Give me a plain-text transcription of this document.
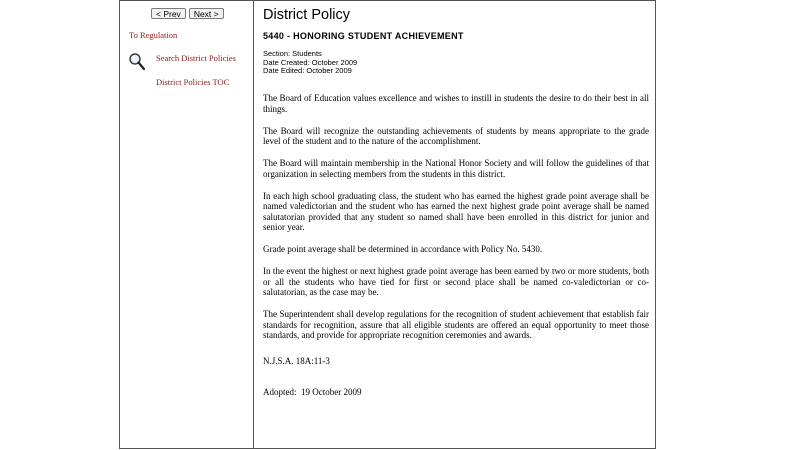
< Prev	Next >
To Regulation
Search District Policies
District Policies TOC
District Policy
5440 - HONORING STUDENT ACHIEVEMENT
Section: Students
Date Created: October 2009
Date Edited: October 2009

The Board of Education values excellence and wishes to instill in students the desire to do their best in all things.

The Board will recognize the outstanding achievements of students by means appropriate to the grade level of the student and to the nature of the accomplishment.

The Board will maintain membership in the National Honor Society and will follow the guidelines of that organization in selecting members from the students in this district.

In each high school graduating class, the student who has earned the highest grade point average shall be named valedictorian and the student who has earned the next highest grade point average shall be named salutatorian provided that any student so named shall have been enrolled in this district for junior and senior year.

Grade point average shall be determined in accordance with Policy No. 5430.

In the event the highest or next highest grade point average has been earned by two or more students, both or all the students who have tied for first or second place shall be named co-valedictorian or co-salutatorian, as the case may be.

The Superintendent shall develop regulations for the recognition of student achievement that establish fair standards for recognition, assure that all eligible students are offered an equal opportunity to meet those standards, and provide for appropriate recognition ceremonies and awards.

N.J.S.A. 18A:11-3
Adopted:  19 October 2009
